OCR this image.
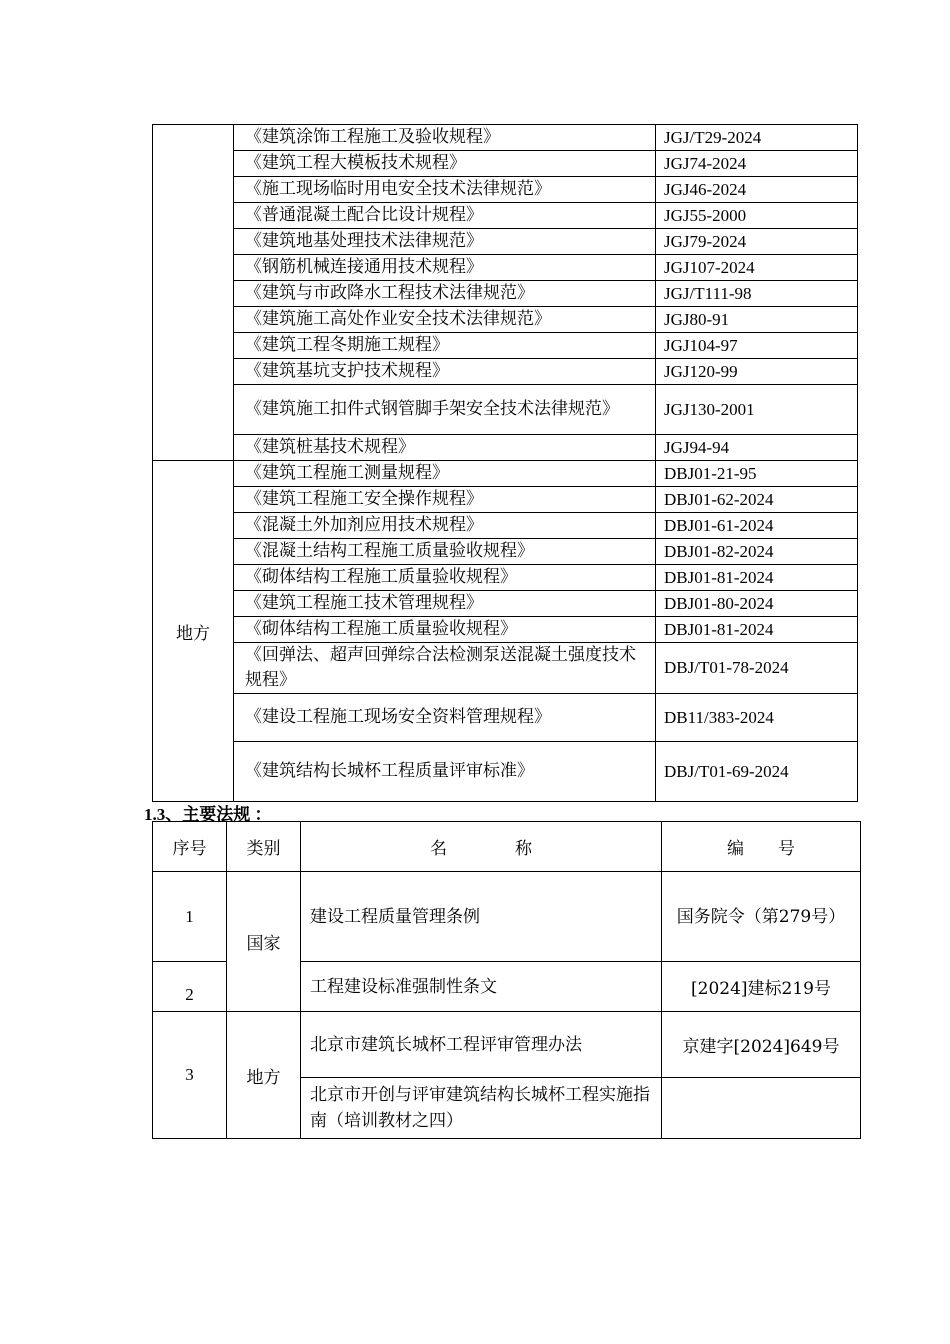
	《建筑涂饰工程施工及验收规程》	JGJ/T29-2024
	《建筑工程大模板技术规程》	JGJ74-2024
	《施工现场临时用电安全技术法律规范》	JGJ46-2024
	《普通混凝土配合比设计规程》	JGJ55-2000
	《建筑地基处理技术法律规范》	JGJ79-2024
	《钢筋机械连接通用技术规程》	JGJ107-2024
	《建筑与市政降水工程技术法律规范》	JGJ/T111-98
	《建筑施工高处作业安全技术法律规范》	JGJ80-91
	《建筑工程冬期施工规程》	JGJ104-97
	《建筑基坑支护技术规程》	JGJ120-99
	《建筑施工扣件式钢管脚手架安全技术法律规范》	JGJ130-2001
	《建筑桩基技术规程》	JGJ94-94
地方	《建筑工程施工测量规程》	DBJ01-21-95
	《建筑工程施工安全操作规程》	DBJ01-62-2024
	《混凝土外加剂应用技术规程》	DBJ01-61-2024
	《混凝土结构工程施工质量验收规程》	DBJ01-82-2024
	《砌体结构工程施工质量验收规程》	DBJ01-81-2024
	《建筑工程施工技术管理规程》	DBJ01-80-2024
	《砌体结构工程施工质量验收规程》	DBJ01-81-2024
	《回弹法、超声回弹综合法检测泵送混凝土强度技术规程》	DBJ/T01-78-2024
	《建设工程施工现场安全资料管理规程》	DB11/383-2024
	《建筑结构长城杯工程质量评审标准》	DBJ/T01-69-2024
1.3、主要法规 ：
序号	类别	名　　　　称	编　　号
1	国家	建设工程质量管理条例	国务院令（第279号）
2		工程建设标准强制性条文	[2024]建标219号
3	地方	北京市建筑长城杯工程评审管理办法	京建字[2024]649号
		北京市开创与评审建筑结构长城杯工程实施指南（培训教材之四）	
